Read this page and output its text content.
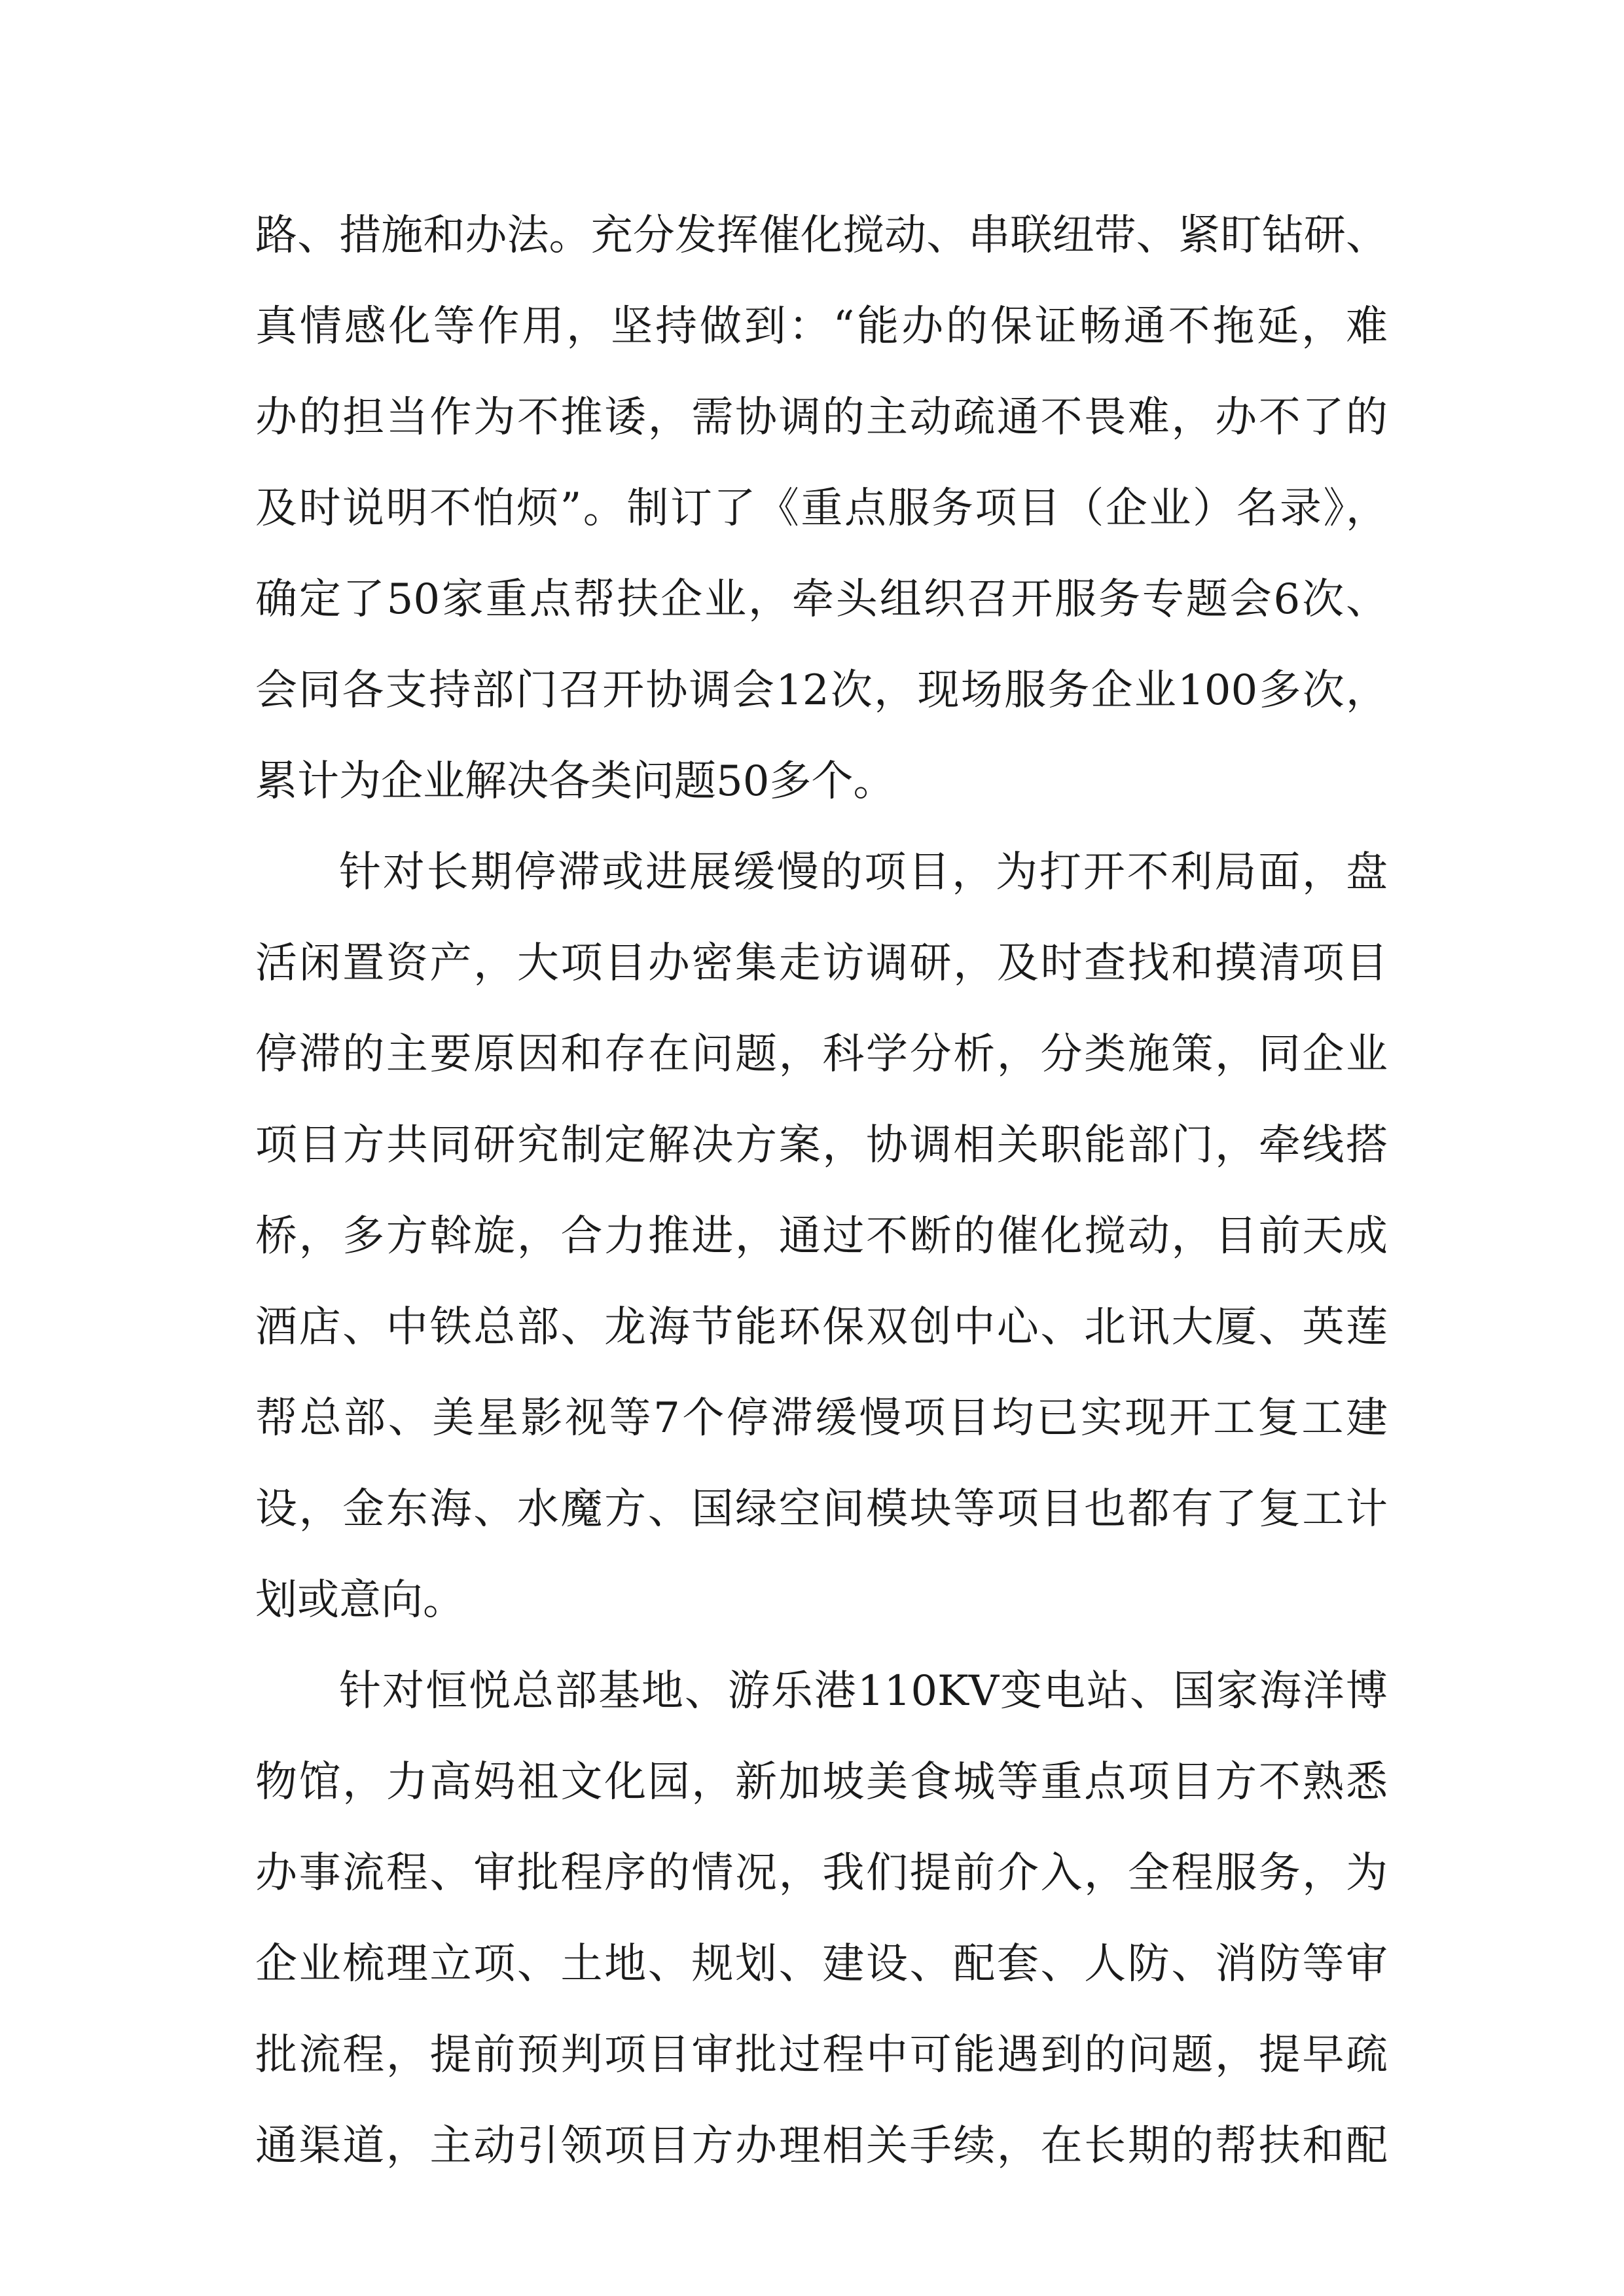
路、措施和办法。充分发挥催化搅动、串联纽带、紧盯钻研、
真情感化等作用，坚持做到：“能办的保证畅通不拖延，难
办的担当作为不推诿，需协调的主动疏通不畏难，办不了的
及时说明不怕烦”。制订了《重点服务项目（企业）名录》，
确定了50家重点帮扶企业，牵头组织召开服务专题会6次、
会同各支持部门召开协调会12次，现场服务企业100多次，
累计为企业解决各类问题50多个。
针对长期停滞或进展缓慢的项目，为打开不利局面，盘
活闲置资产，大项目办密集走访调研，及时查找和摸清项目
停滞的主要原因和存在问题，科学分析，分类施策，同企业
项目方共同研究制定解决方案，协调相关职能部门，牵线搭
桥，多方斡旋，合力推进，通过不断的催化搅动，目前天成
酒店、中铁总部、龙海节能环保双创中心、北讯大厦、英莲
帮总部、美星影视等7个停滞缓慢项目均已实现开工复工建
设，金东海、水魔方、国绿空间模块等项目也都有了复工计
划或意向。
针对恒悦总部基地、游乐港110KV变电站、国家海洋博
物馆，力高妈祖文化园，新加坡美食城等重点项目方不熟悉
办事流程、审批程序的情况，我们提前介入，全程服务，为
企业梳理立项、土地、规划、建设、配套、人防、消防等审
批流程，提前预判项目审批过程中可能遇到的问题，提早疏
通渠道，主动引领项目方办理相关手续，在长期的帮扶和配
